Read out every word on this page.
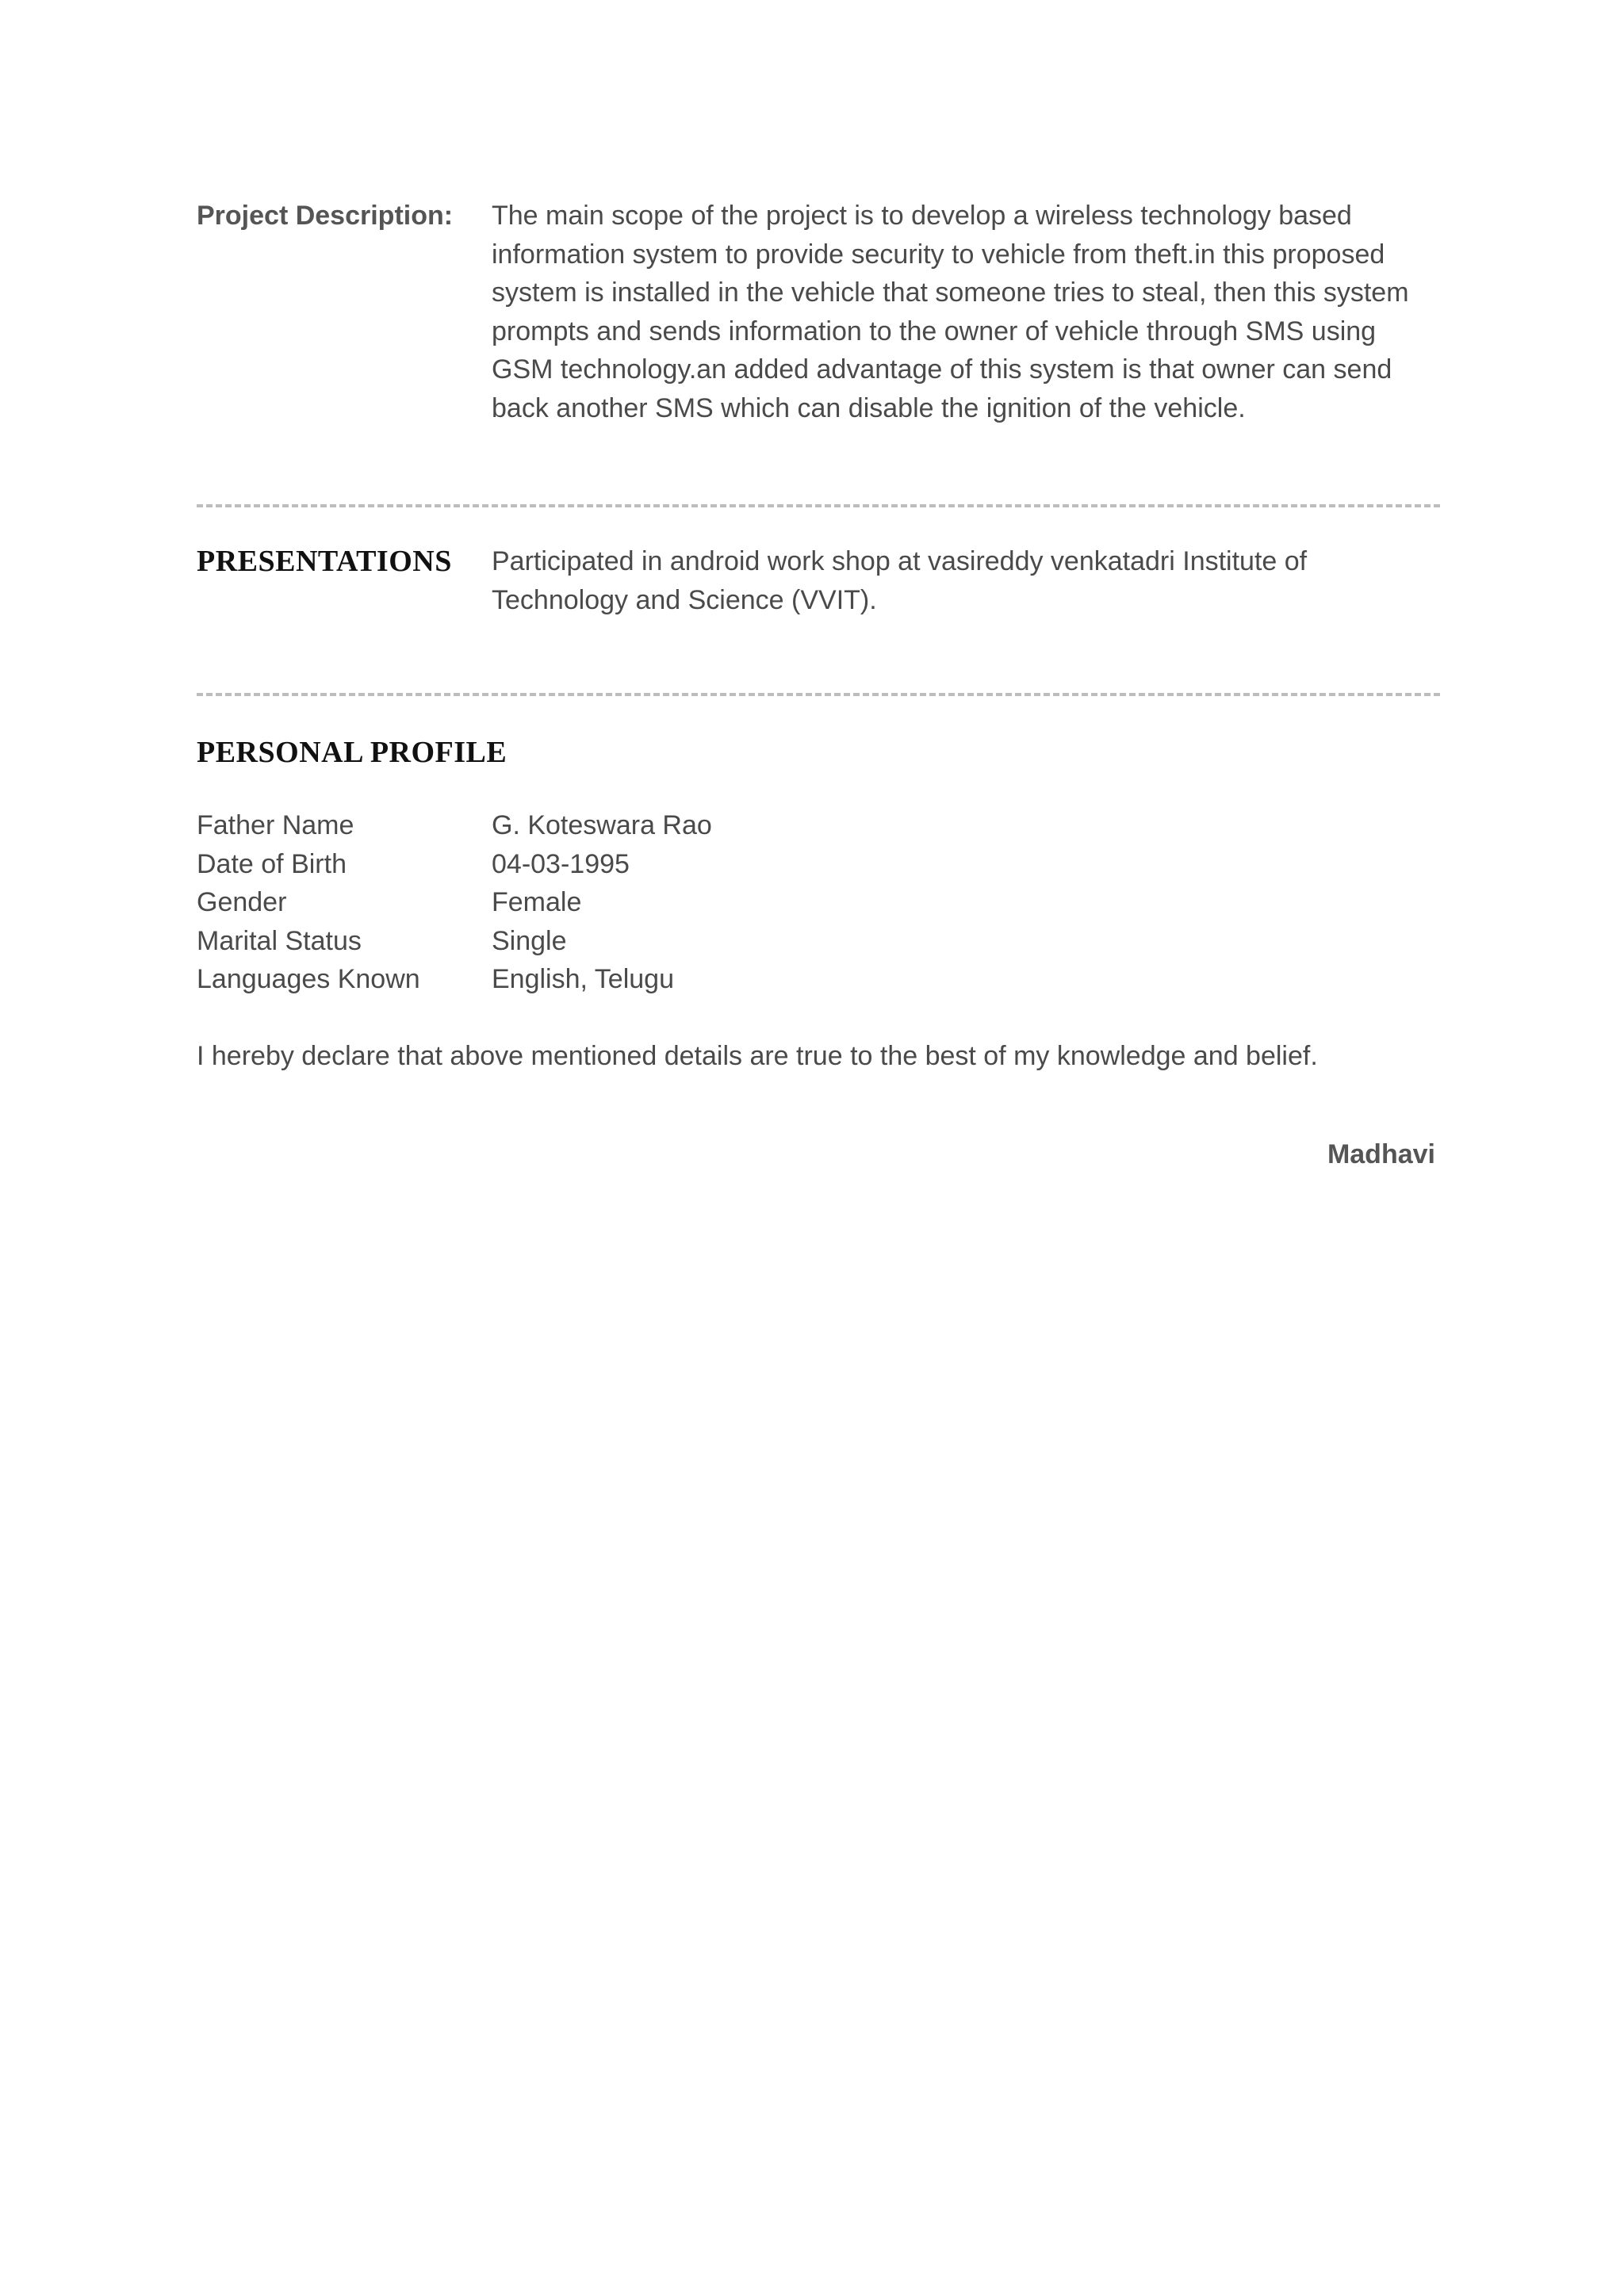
Project Description:	The main scope of the project is to develop a wireless technology based information system to provide security to vehicle from theft.in this proposed system is installed in the vehicle that someone tries to steal, then this system prompts and sends information to the owner of vehicle through SMS using GSM technology.an added advantage of this system is that owner can send back another SMS which can disable the ignition of the vehicle.
PRESENTATIONS	Participated in android work shop at vasireddy venkatadri Institute of Technology and Science (VVIT).
PERSONAL PROFILE
Father Name	G. Koteswara Rao
Date of Birth	04-03-1995
Gender	Female
Marital Status	Single
Languages Known	English, Telugu
I hereby declare that above mentioned details are true to the best of my knowledge and belief.
Madhavi
